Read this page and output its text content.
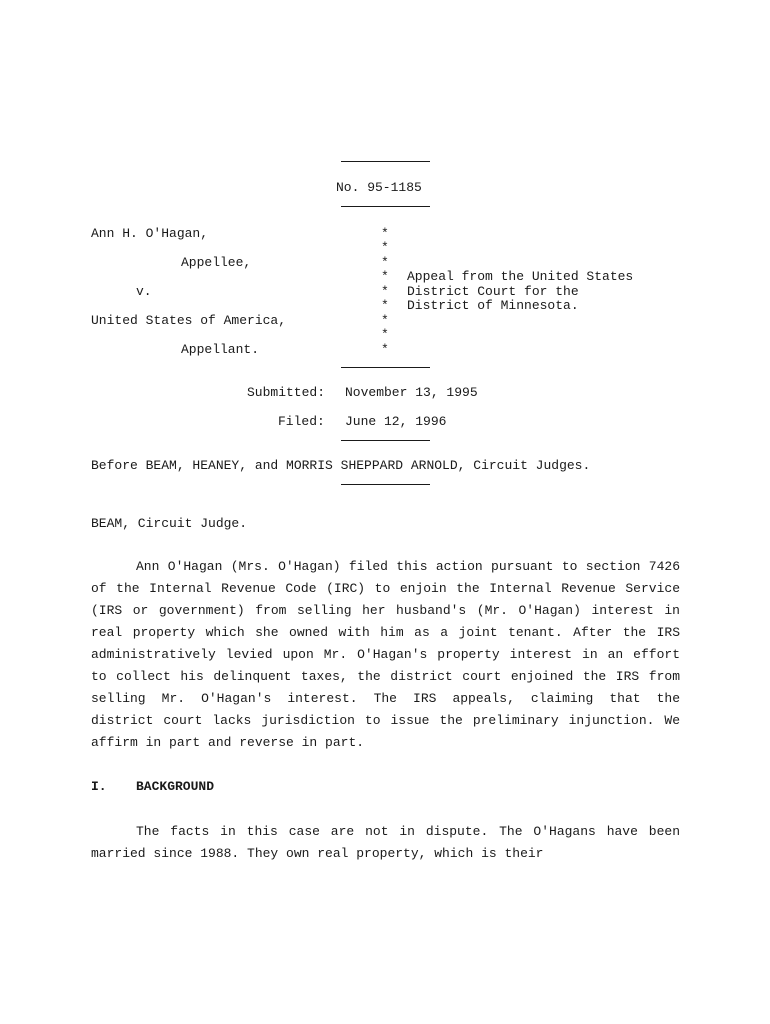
No. 95-1185
Ann H. O'Hagan,
Appellee,
v.
United States of America,
Appellant.
*
*
*
*
*
*
*
*
*
Appeal from the United States
District Court for the
District of Minnesota.
Submitted: November 13, 1995
Filed: June 12, 1996
Before BEAM, HEANEY, and MORRIS SHEPPARD ARNOLD, Circuit Judges.
BEAM, Circuit Judge.
Ann O'Hagan (Mrs. O'Hagan) filed this action pursuant to section 7426
of the Internal Revenue Code (IRC) to enjoin the Internal Revenue Service
(IRS or government) from selling her husband's (Mr. O'Hagan) interest in
real property which she owned with him as a joint tenant. After the IRS
administratively levied upon Mr. O'Hagan's property interest in an effort
to collect his delinquent taxes, the district court enjoined the IRS from
selling Mr. O'Hagan's interest. The IRS appeals, claiming that the
district court lacks jurisdiction to issue the preliminary injunction. We
affirm in part and reverse in part.
I. BACKGROUND
The facts in this case are not in dispute. The O'Hagans have been
married since 1988. They own real property, which is their
